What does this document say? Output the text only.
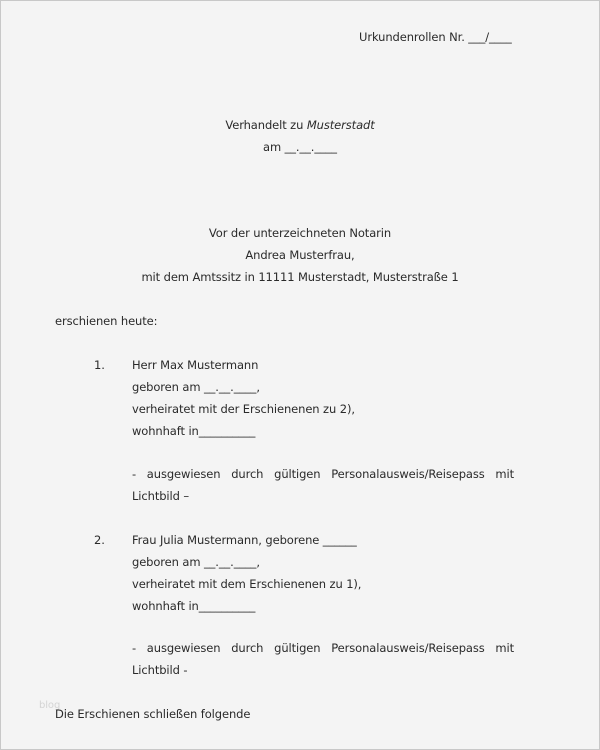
Urkundenrollen Nr. ___/____
Verhandelt zu Musterstadt
am __.__.____
Vor der unterzeichneten Notarin
Andrea Musterfrau,
mit dem Amtssitz in 11111 Musterstadt, Musterstraße 1
erschienen heute:
1. Herr Max Mustermann
geboren am __.__.____,
verheiratet mit der Erschienenen zu 2),
wohnhaft in__________
- ausgewiesen durch gültigen Personalausweis/Reisepass mit
Lichtbild –
2. Frau Julia Mustermann, geborene ______
geboren am __.__.____,
verheiratet mit dem Erschienenen zu 1),
wohnhaft in__________
- ausgewiesen durch gültigen Personalausweis/Reisepass mit
Lichtbild -
blog
Die Erschienen schließen folgende
